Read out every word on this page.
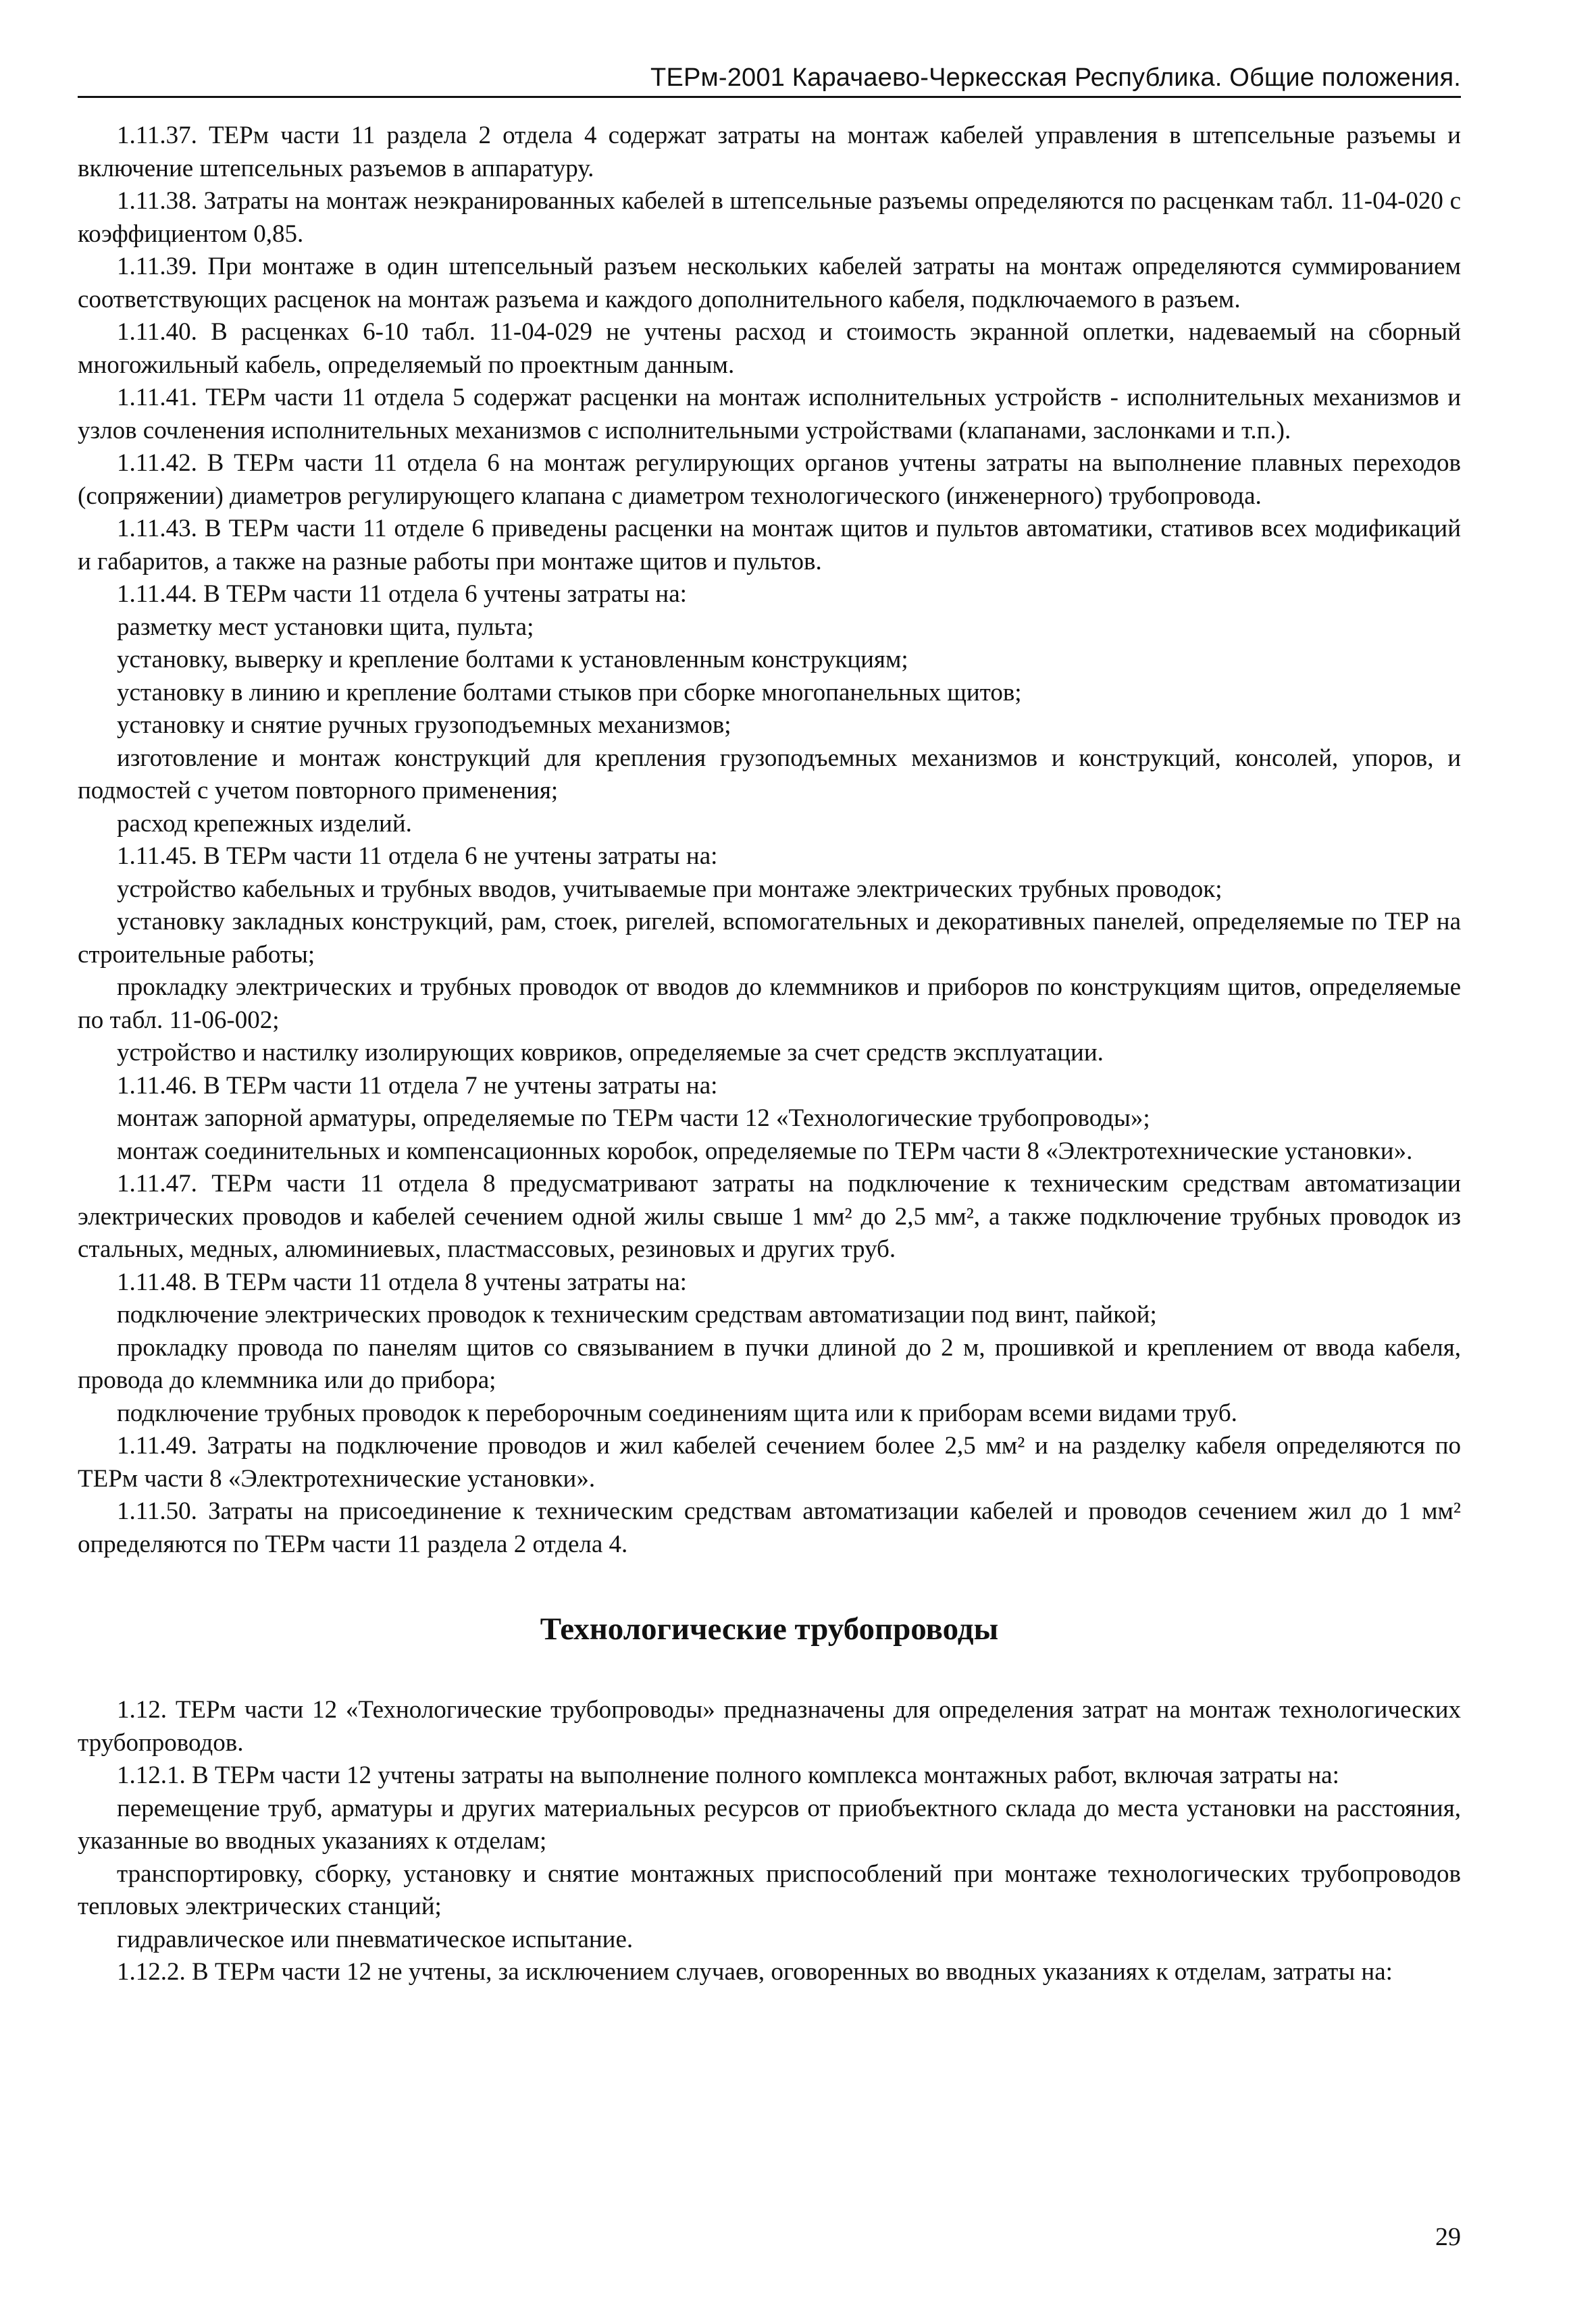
ТЕРм-2001 Карачаево-Черкесская Республика. Общие положения.

1.11.37. ТЕРм части 11 раздела 2 отдела 4 содержат затраты на монтаж кабелей управления в штепсельные разъемы и включение штепсельных разъемов в аппаратуру.

1.11.38. Затраты на монтаж неэкранированных кабелей в штепсельные разъемы определяются по расценкам табл. 11-04-020 с коэффициентом 0,85.

1.11.39. При монтаже в один штепсельный разъем нескольких кабелей затраты на монтаж определяются суммированием соответствующих расценок на монтаж разъема и каждого дополнительного кабеля, подключаемого в разъем.

1.11.40. В расценках 6-10 табл. 11-04-029 не учтены расход и стоимость экранной оплетки, надеваемый на сборный многожильный кабель, определяемый по проектным данным.

1.11.41. ТЕРм части 11 отдела 5 содержат расценки на монтаж исполнительных устройств - исполнительных механизмов и узлов сочленения исполнительных механизмов с исполнительными устройствами (клапанами, заслонками и т.п.).

1.11.42. В ТЕРм части 11 отдела 6 на монтаж регулирующих органов учтены затраты на выполнение плавных переходов (сопряжении) диаметров регулирующего клапана с диаметром технологического (инженерного) трубопровода.

1.11.43. В ТЕРм части 11 отделе 6 приведены расценки на монтаж щитов и пультов автоматики, стативов всех модификаций и габаритов, а также на разные работы при монтаже щитов и пультов.

1.11.44. В ТЕРм части 11 отдела 6 учтены затраты на:

разметку мест установки щита, пульта;

установку, выверку и крепление болтами к установленным конструкциям;

установку в линию и крепление болтами стыков при сборке многопанельных щитов;

установку и снятие ручных грузоподъемных механизмов;

изготовление и монтаж конструкций для крепления грузоподъемных механизмов и конструкций, консолей, упоров, и подмостей с учетом повторного применения;

расход крепежных изделий.

1.11.45. В ТЕРм части 11 отдела 6 не учтены затраты на:

устройство кабельных и трубных вводов, учитываемые при монтаже электрических трубных проводок;

установку закладных конструкций, рам, стоек, ригелей, вспомогательных и декоративных панелей, определяемые по ТЕР на строительные работы;

прокладку электрических и трубных проводок от вводов до клеммников и приборов по конструкциям щитов, определяемые по табл. 11-06-002;

устройство и настилку изолирующих ковриков, определяемые за счет средств эксплуатации.

1.11.46. В ТЕРм части 11 отдела 7 не учтены затраты на:

монтаж запорной арматуры, определяемые по ТЕРм части 12 «Технологические трубопроводы»;

монтаж соединительных и компенсационных коробок, определяемые по ТЕРм части 8 «Электротехнические установки».

1.11.47. ТЕРм части 11 отдела 8 предусматривают затраты на подключение к техническим средствам автоматизации электрических проводов и кабелей сечением одной жилы свыше 1 мм² до 2,5 мм², а также подключение трубных проводок из стальных, медных, алюминиевых, пластмассовых, резиновых и других труб.

1.11.48. В ТЕРм части 11 отдела 8 учтены затраты на:

подключение электрических проводок к техническим средствам автоматизации под винт, пайкой;

прокладку провода по панелям щитов со связыванием в пучки длиной до 2 м, прошивкой и креплением от ввода кабеля, провода до клеммника или до прибора;

подключение трубных проводок к переборочным соединениям щита или к приборам всеми видами труб.

1.11.49. Затраты на подключение проводов и жил кабелей сечением более 2,5 мм² и на разделку кабеля определяются по ТЕРм части 8 «Электротехнические установки».

1.11.50. Затраты на присоединение к техническим средствам автоматизации кабелей и проводов сечением жил до 1 мм² определяются по ТЕРм части 11 раздела 2 отдела 4.

Технологические трубопроводы

1.12. ТЕРм части 12 «Технологические трубопроводы» предназначены для определения затрат на монтаж технологических трубопроводов.

1.12.1. В ТЕРм части 12 учтены затраты на выполнение полного комплекса монтажных работ, включая затраты на:

перемещение труб, арматуры и других материальных ресурсов от приобъектного склада до места установки на расстояния, указанные во вводных указаниях к отделам;

транспортировку, сборку, установку и снятие монтажных приспособлений при монтаже технологических трубопроводов тепловых электрических станций;

гидравлическое или пневматическое испытание.

1.12.2. В ТЕРм части 12 не учтены, за исключением случаев, оговоренных во вводных указаниях к отделам, затраты на:

29
